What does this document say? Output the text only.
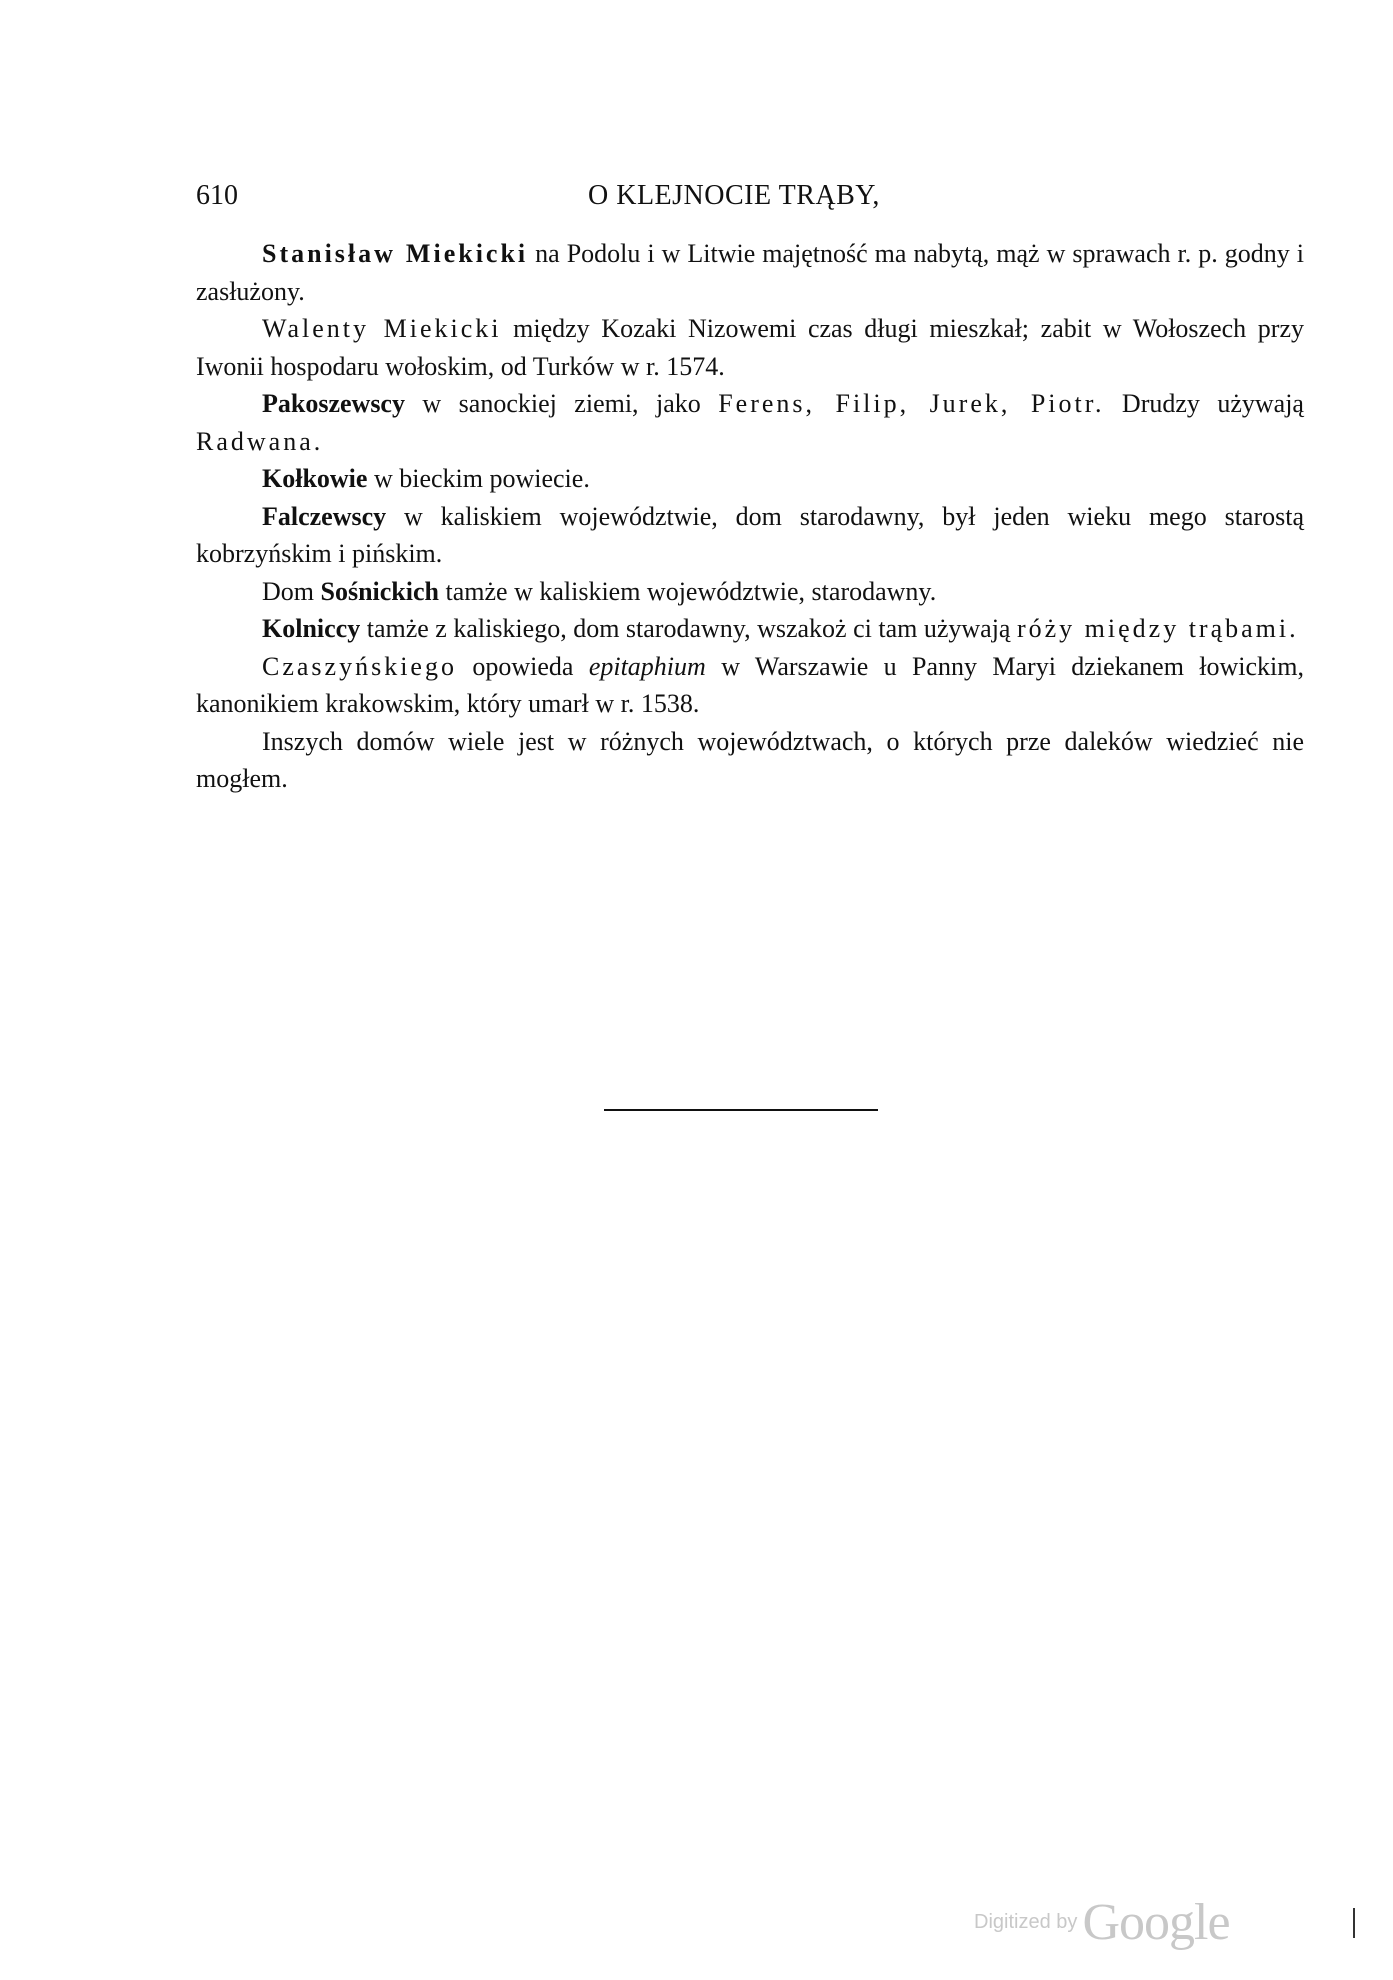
610	O KLEJNOCIE TRĄBY,

Stanisław Miekicki na Podolu i w Litwie majętność ma nabytą, mąż w sprawach r. p. godny i zasłużony.

Walenty Miekicki między Kozaki Nizowemi czas długi mieszkał; zabit w Wołoszech przy Iwonii hospodaru wołoskim, od Turków w r. 1574.

Pakoszewscy w sanockiej ziemi, jako Ferens, Filip, Jurek, Piotr. Drudzy używają Radwana.

Kołkowie w bieckim powiecie.

Falczewscy w kaliskiem województwie, dom starodawny, był jeden wieku mego starostą kobrzyńskim i pińskim.

Dom Sośnickich tamże w kaliskiem województwie, starodawny.

Kolniccy tamże z kaliskiego, dom starodawny, wszakoż ci tam używają róży między trąbami.

Czaszyńskiego opowieda epitaphium w Warszawie u Panny Maryi dziekanem łowickim, kanonikiem krakowskim, który umarł w r. 1538.

Inszych domów wiele jest w różnych województwach, o których prze daleków wiedzieć nie mogłem.

Digitized by Google
